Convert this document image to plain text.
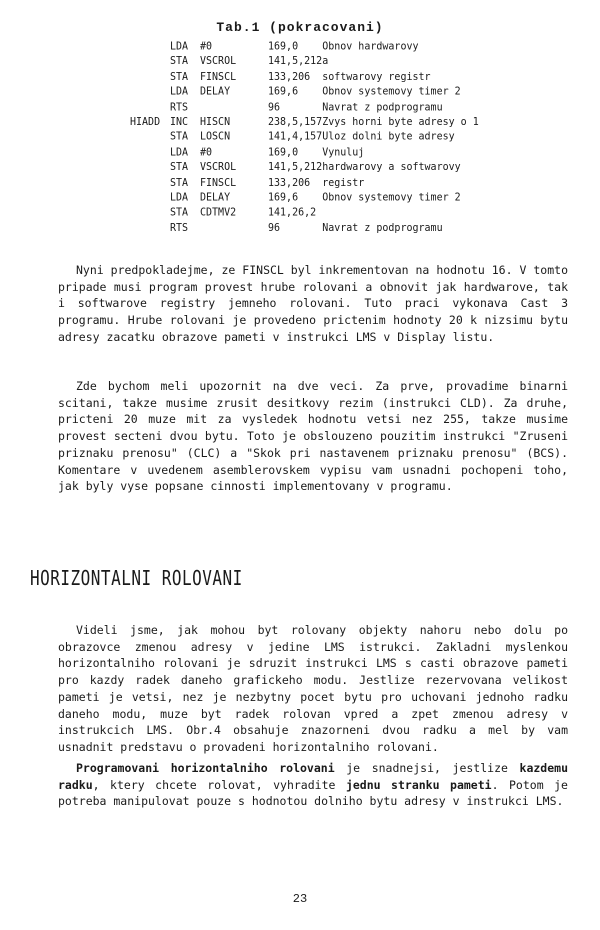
Tab.1 (pokracovani)
	LDA	#0	169,0	Obnov hardwarovy
	STA	VSCROL	141,5,212	a
	STA	FINSCL	133,206	softwarovy registr
	LDA	DELAY	169,6	Obnov systemovy timer 2
	RTS		96	Navrat z podprogramu
HIADD	INC	HISCN	238,5,157	Zvys horni byte adresy o 1
	STA	LOSCN	141,4,157	Uloz dolni byte adresy
	LDA	#0	169,0	Vynuluj
	STA	VSCROL	141,5,212	hardwarovy a softwarovy
	STA	FINSCL	133,206	registr
	LDA	DELAY	169,6	Obnov systemovy timer 2
	STA	CDTMV2	141,26,2	
	RTS		96	Navrat z podprogramu

Nyni predpokladejme, ze FINSCL byl inkrementovan na hodnotu 16. V tomto pripade musi program provest hrube rolovani a obnovit jak hardwarove, tak i softwarove registry jemneho rolovani. Tuto praci vykonava Cast 3 programu. Hrube rolovani je provedeno prictenim hodnoty 20 k nizsimu bytu adresy zacatku obrazove pameti v instrukci LMS v Display listu.

Zde bychom meli upozornit na dve veci. Za prve, provadime binarni scitani, takze musime zrusit desitkovy rezim (instrukci CLD). Za druhe, pricteni 20 muze mit za vysledek hodnotu vetsi nez 255, takze musime provest secteni dvou bytu. Toto je obslouzeno pouzitim instrukci "Zruseni priznaku prenosu" (CLC) a "Skok pri nastavenem priznaku prenosu" (BCS). Komentare v uvedenem asemblerovskem vypisu vam usnadni pochopeni toho, jak byly vyse popsane cinnosti implementovany v programu.

HORIZONTALNI ROLOVANI

Videli jsme, jak mohou byt rolovany objekty nahoru nebo dolu po obrazovce zmenou adresy v jedine LMS istrukci. Zakladni myslenkou horizontalniho rolovani je sdruzit instrukci LMS s casti obrazove pameti pro kazdy radek daneho grafickeho modu. Jestlize rezervovana velikost pameti je vetsi, nez je nezbytny pocet bytu pro uchovani jednoho radku daneho modu, muze byt radek rolovan vpred a zpet zmenou adresy v instrukcich LMS. Obr.4 obsahuje znazorneni dvou radku a mel by vam usnadnit predstavu o provadeni horizontalniho rolovani.

Programovani horizontalniho rolovani je snadnejsi, jestlize kazdemu radku, ktery chcete rolovat, vyhradite jednu stranku pameti. Potom je potreba manipulovat pouze s hodnotou dolniho bytu adresy v instrukci LMS.

23
